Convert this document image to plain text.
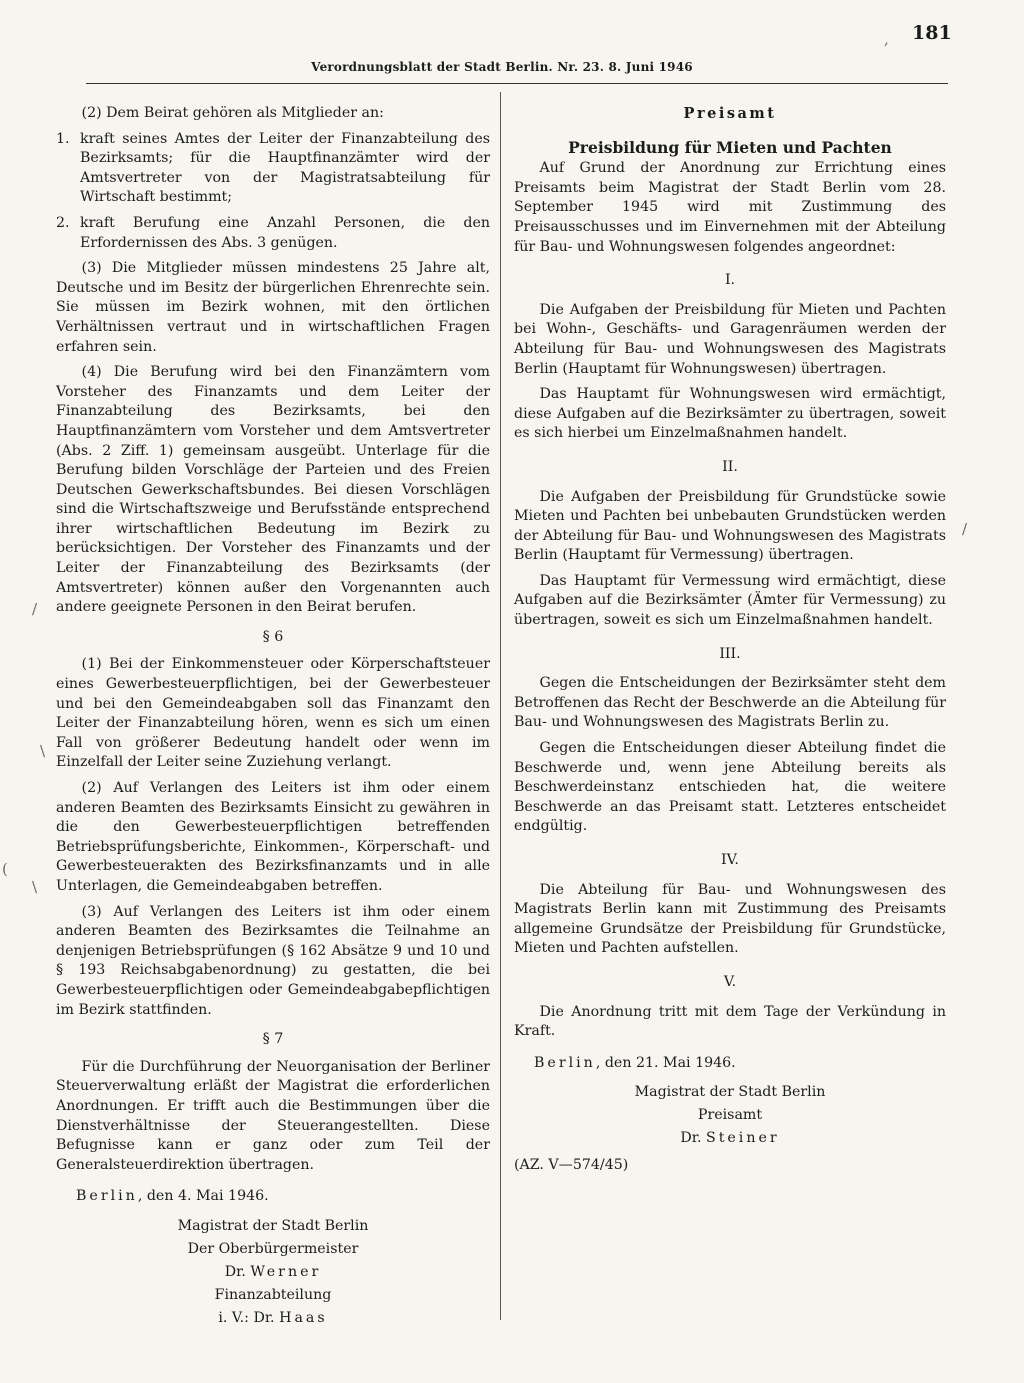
181
Verordnungsblatt der Stadt Berlin. Nr. 23. 8. Juni 1946

(2) Dem Beirat gehören als Mitglieder an:

1. kraft seines Amtes der Leiter der Finanzabteilung des Bezirksamts; für die Hauptfinanzämter wird der Amtsvertreter von der Magistratsabteilung für Wirtschaft bestimmt;
2. kraft Berufung eine Anzahl Personen, die den Erfordernissen des Abs. 3 genügen.

(3) Die Mitglieder müssen mindestens 25 Jahre alt, Deutsche und im Besitz der bürgerlichen Ehrenrechte sein. Sie müssen im Bezirk wohnen, mit den örtlichen Verhältnissen vertraut und in wirtschaftlichen Fragen erfahren sein.

(4) Die Berufung wird bei den Finanzämtern vom Vorsteher des Finanzamts und dem Leiter der Finanzabteilung des Bezirksamts, bei den Hauptfinanzämtern vom Vorsteher und dem Amtsvertreter (Abs. 2 Ziff. 1) gemeinsam ausgeübt. Unterlage für die Berufung bilden Vorschläge der Parteien und des Freien Deutschen Gewerkschaftsbundes. Bei diesen Vorschlägen sind die Wirtschaftszweige und Berufsstände entsprechend ihrer wirtschaftlichen Bedeutung im Bezirk zu berücksichtigen. Der Vorsteher des Finanzamts und der Leiter der Finanzabteilung des Bezirksamts (der Amtsvertreter) können außer den Vorgenannten auch andere geeignete Personen in den Beirat berufen.

§ 6

(1) Bei der Einkommensteuer oder Körperschaftsteuer eines Gewerbesteuerpflichtigen, bei der Gewerbesteuer und bei den Gemeindeabgaben soll das Finanzamt den Leiter der Finanzabteilung hören, wenn es sich um einen Fall von größerer Bedeutung handelt oder wenn im Einzelfall der Leiter seine Zuziehung verlangt.

(2) Auf Verlangen des Leiters ist ihm oder einem anderen Beamten des Bezirksamts Einsicht zu gewähren in die den Gewerbesteuerpflichtigen betreffenden Betriebsprüfungsberichte, Einkommen-, Körperschaft- und Gewerbesteuerakten des Bezirksfinanzamts und in alle Unterlagen, die Gemeindeabgaben betreffen.

(3) Auf Verlangen des Leiters ist ihm oder einem anderen Beamten des Bezirksamtes die Teilnahme an denjenigen Betriebsprüfungen (§ 162 Absätze 9 und 10 und § 193 Reichsabgabenordnung) zu gestatten, die bei Gewerbesteuerpflichtigen oder Gemeindeabgabepflichtigen im Bezirk stattfinden.

§ 7

Für die Durchführung der Neuorganisation der Berliner Steuerverwaltung erläßt der Magistrat die erforderlichen Anordnungen. Er trifft auch die Bestimmungen über die Dienstverhältnisse der Steuerangestellten. Diese Befugnisse kann er ganz oder zum Teil der Generalsteuerdirektion übertragen.

Berlin, den 4. Mai 1946.
Magistrat der Stadt Berlin
Der Oberbürgermeister
Dr. Werner
Finanzabteilung
i. V.: Dr. Haas
Preisamt
Preisbildung für Mieten und Pachten

Auf Grund der Anordnung zur Errichtung eines Preisamts beim Magistrat der Stadt Berlin vom 28. September 1945 wird mit Zustimmung des Preisausschusses und im Einvernehmen mit der Abteilung für Bau- und Wohnungswesen folgendes angeordnet:

I.

Die Aufgaben der Preisbildung für Mieten und Pachten bei Wohn-, Geschäfts- und Garagenräumen werden der Abteilung für Bau- und Wohnungswesen des Magistrats Berlin (Hauptamt für Wohnungswesen) übertragen.

Das Hauptamt für Wohnungswesen wird ermächtigt, diese Aufgaben auf die Bezirksämter zu übertragen, soweit es sich hierbei um Einzelmaßnahmen handelt.

II.

Die Aufgaben der Preisbildung für Grundstücke sowie Mieten und Pachten bei unbebauten Grundstücken werden der Abteilung für Bau- und Wohnungswesen des Magistrats Berlin (Hauptamt für Vermessung) übertragen.

Das Hauptamt für Vermessung wird ermächtigt, diese Aufgaben auf die Bezirksämter (Ämter für Vermessung) zu übertragen, soweit es sich um Einzelmaßnahmen handelt.

III.

Gegen die Entscheidungen der Bezirksämter steht dem Betroffenen das Recht der Beschwerde an die Abteilung für Bau- und Wohnungswesen des Magistrats Berlin zu.

Gegen die Entscheidungen dieser Abteilung findet die Beschwerde und, wenn jene Abteilung bereits als Beschwerdeinstanz entschieden hat, die weitere Beschwerde an das Preisamt statt. Letzteres entscheidet endgültig.

IV.

Die Abteilung für Bau- und Wohnungswesen des Magistrats Berlin kann mit Zustimmung des Preisamts allgemeine Grundsätze der Preisbildung für Grundstücke, Mieten und Pachten aufstellen.

V.

Die Anordnung tritt mit dem Tage der Verkündung in Kraft.

Berlin, den 21. Mai 1946.
Magistrat der Stadt Berlin
Preisamt
Dr. Steiner
(AZ. V—574/45)
,
/
/
\
(
\
